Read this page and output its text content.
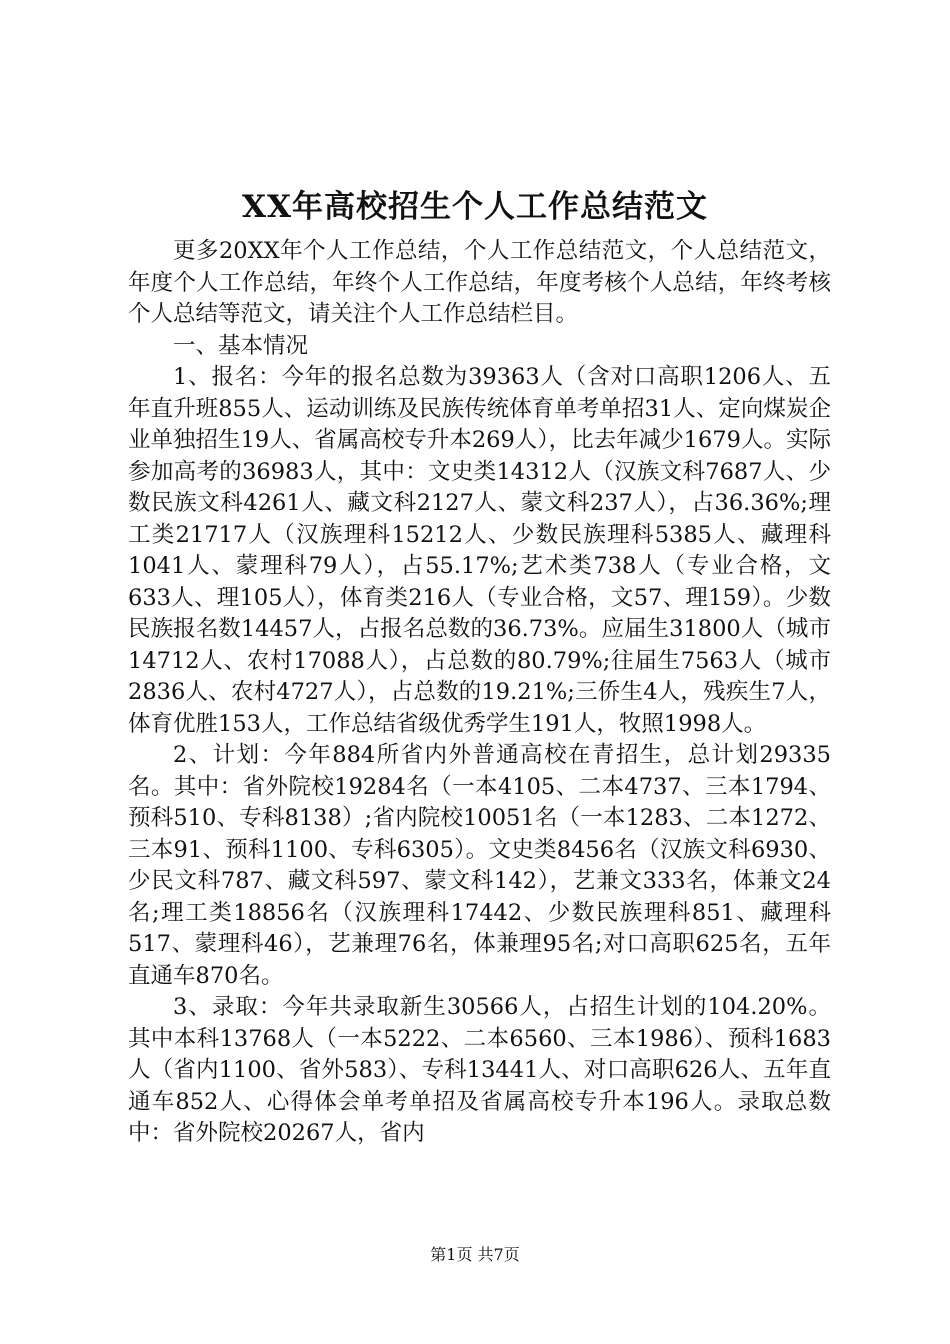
XX年高校招生个人工作总结范文

更多20XX年个人工作总结，个人工作总结范文，个人总结范文，年度个人工作总结，年终个人工作总结，年度考核个人总结，年终考核个人总结等范文，请关注个人工作总结栏目。

一、基本情况

1、报名：今年的报名总数为39363人（含对口高职1206人、五年直升班855人、运动训练及民族传统体育单考单招31人、定向煤炭企业单独招生19人、省属高校专升本269人），比去年减少1679人。实际参加高考的36983人，其中：文史类14312人（汉族文科7687人、少数民族文科4261人、藏文科2127人、蒙文科237人），占36.36%;理工类21717人（汉族理科15212人、少数民族理科5385人、藏理科1041人、蒙理科79人），占55.17%;艺术类738人（专业合格，文633人、理105人），体育类216人（专业合格，文57、理159）。少数民族报名数14457人，占报名总数的36.73%。应届生31800人（城市14712人、农村17088人），占总数的80.79%;往届生7563人（城市2836人、农村4727人），占总数的19.21%;三侨生4人，残疾生7人，体育优胜153人，工作总结省级优秀学生191人，牧照1998人。

2、计划：今年884所省内外普通高校在青招生，总计划29335名。其中：省外院校19284名（一本4105、二本4737、三本1794、预科510、专科8138）;省内院校10051名（一本1283、二本1272、三本91、预科1100、专科6305）。文史类8456名（汉族文科6930、少民文科787、藏文科597、蒙文科142），艺兼文333名，体兼文24名;理工类18856名（汉族理科17442、少数民族理科851、藏理科517、蒙理科46），艺兼理76名，体兼理95名;对口高职625名，五年直通车870名。

3、录取：今年共录取新生30566人，占招生计划的104.20%。其中本科13768人（一本5222、二本6560、三本1986）、预科1683人（省内1100、省外583）、专科13441人、对口高职626人、五年直通车852人、心得体会单考单招及省属高校专升本196人。录取总数中：省外院校20267人，省内

第1页 共7页
